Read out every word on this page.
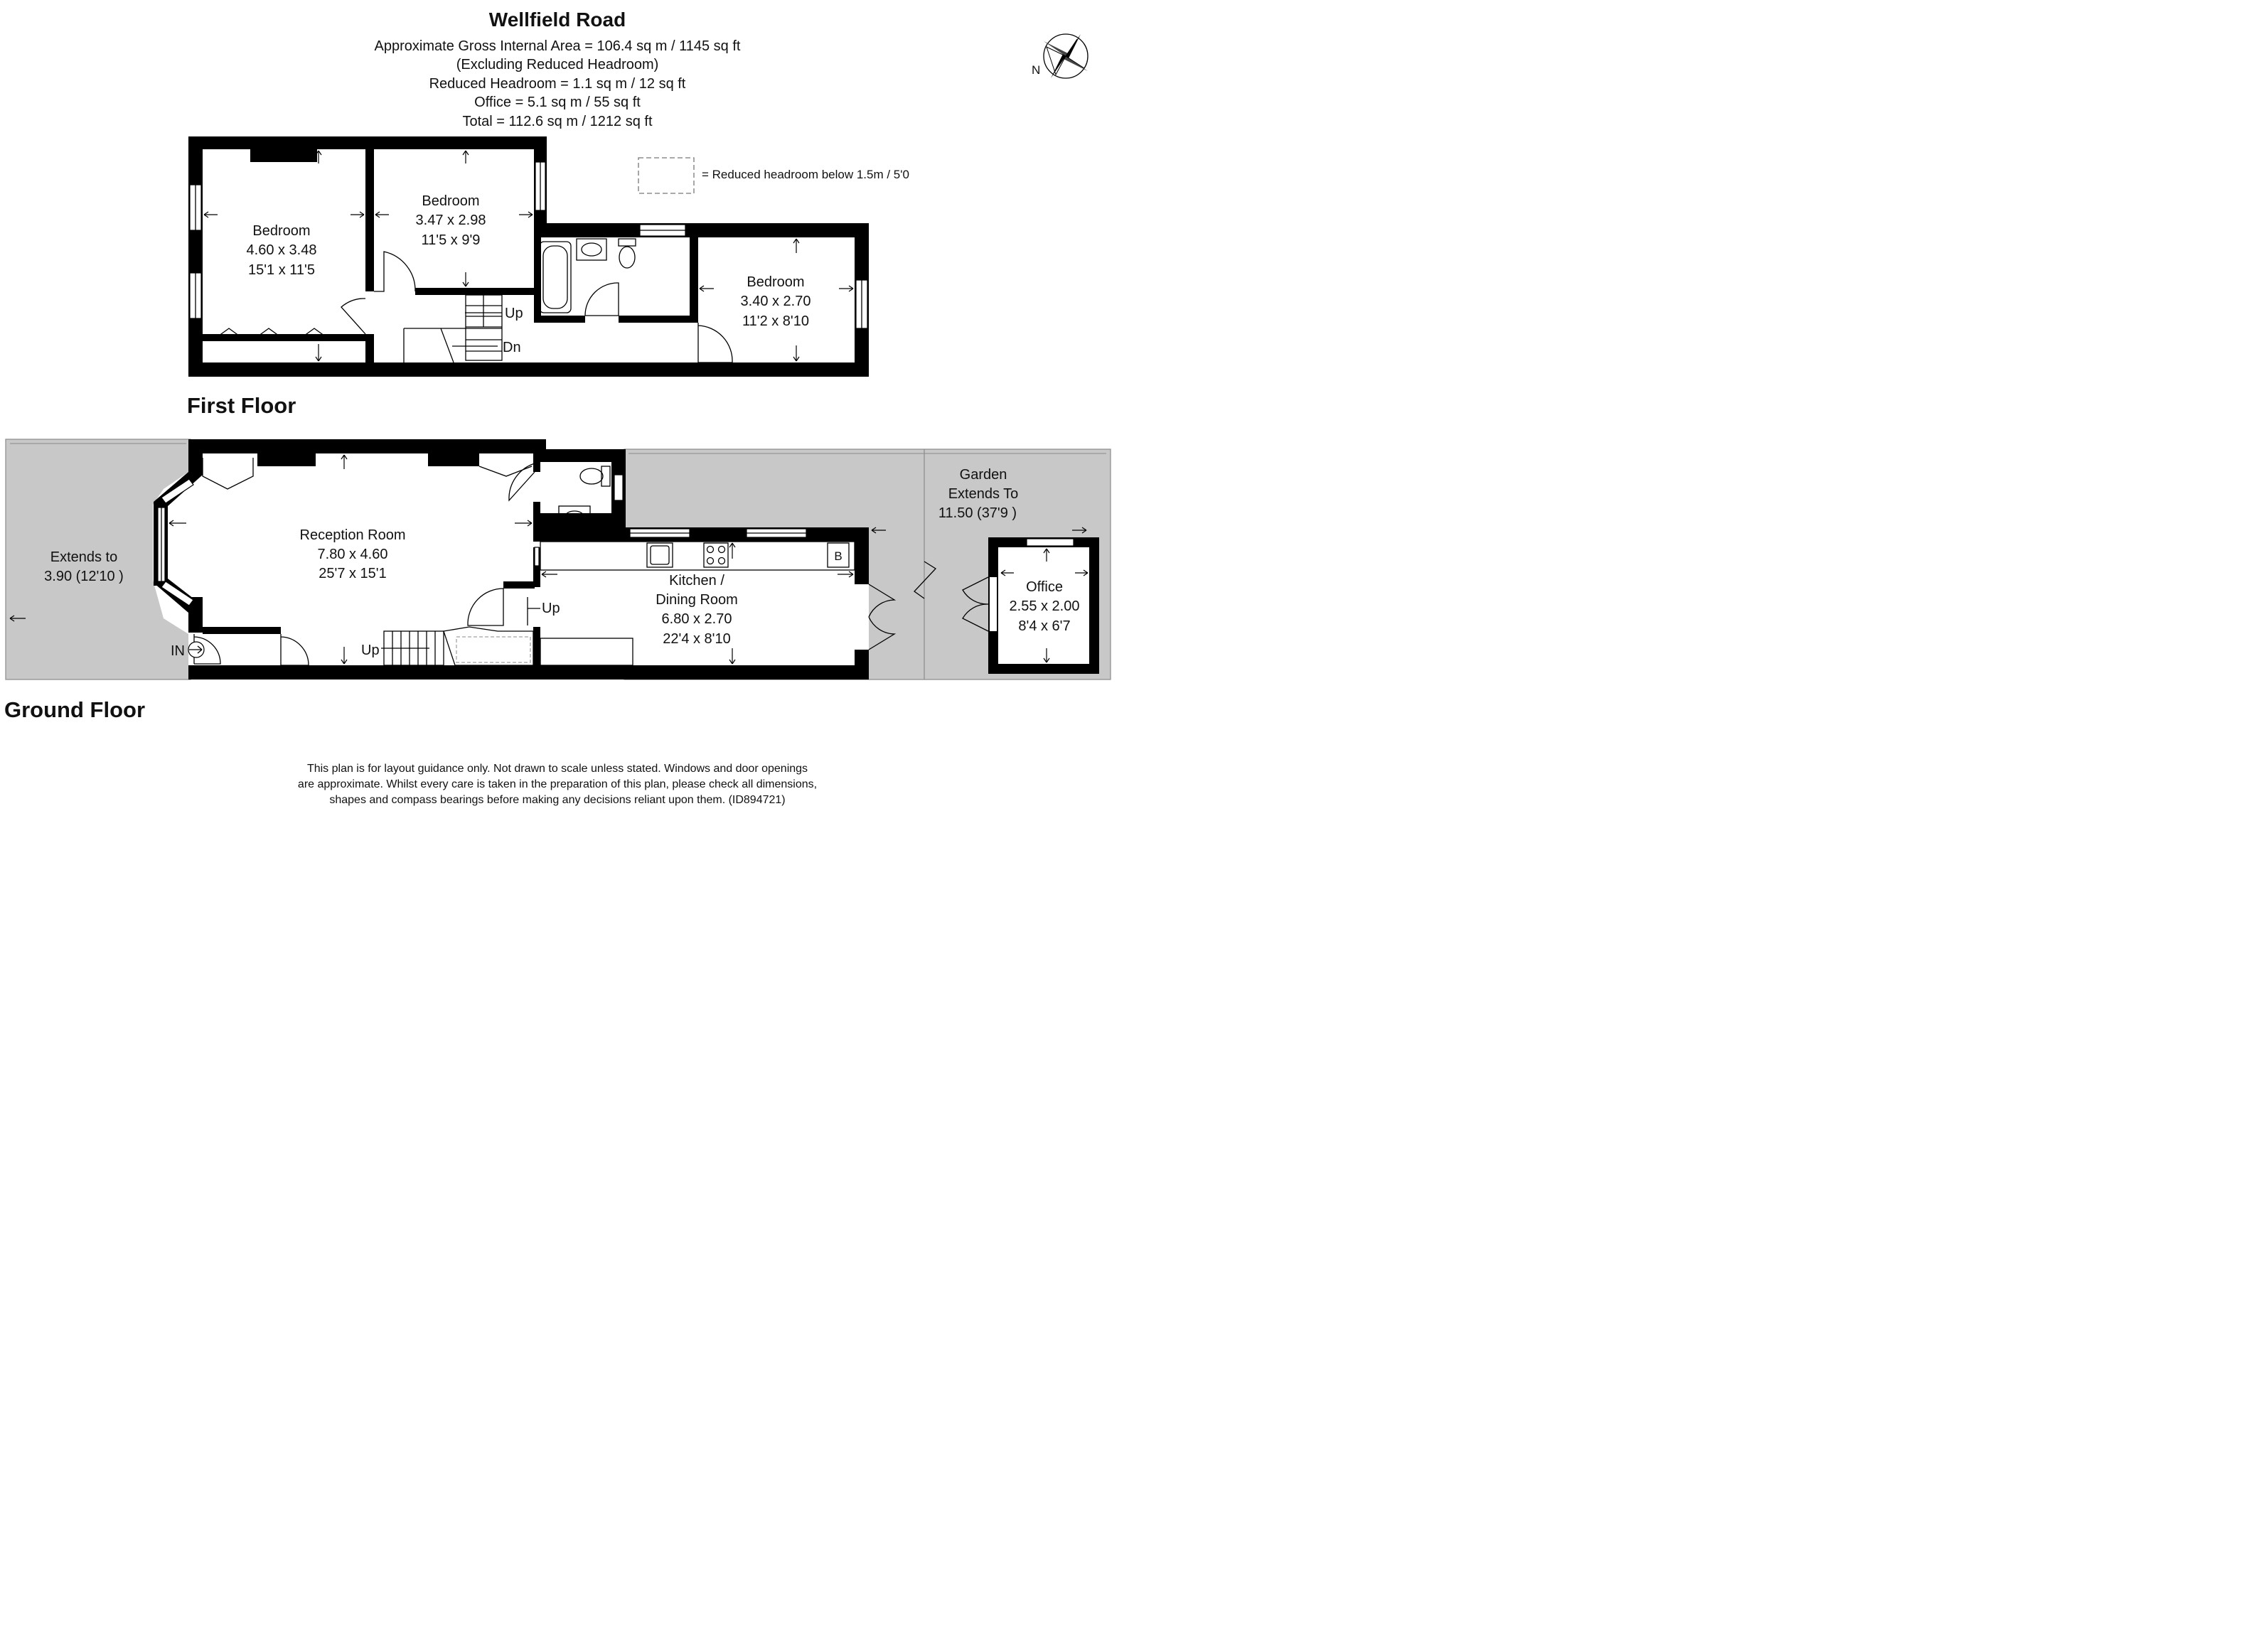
Wellfield Road
Approximate Gross Internal Area = 106.4 sq m / 1145 sq ft
(Excluding Reduced Headroom)
Reduced Headroom = 1.1 sq m / 12 sq ft
Office = 5.1 sq m / 55 sq ft
Total = 112.6 sq m / 1212 sq ft
N
= Reduced headroom below 1.5m / 5'0
Up
Dn
Bedroom
4.60 x 3.48
15'1 x 11'5
Bedroom
3.47 x 2.98
11'5 x 9'9
Bedroom
3.40 x 2.70
11'2 x 8'10
First Floor
B
Up
Up
IN
Reception Room
7.80 x 4.60
25'7 x 15'1	Kitchen /
Dining Room
6.80 x 2.70
22'4 x 8'10
Office
2.55 x 2.00
8'4 x 6'7
Garden
Extends To
11.50 (37'9 )
Extends to
3.90 (12'10 )
Ground Floor
This plan is for layout guidance only. Not drawn to scale unless stated. Windows and door openings
are approximate. Whilst every care is taken in the preparation of this plan, please check all dimensions,
shapes and compass bearings before making any decisions reliant upon them. (ID894721)
